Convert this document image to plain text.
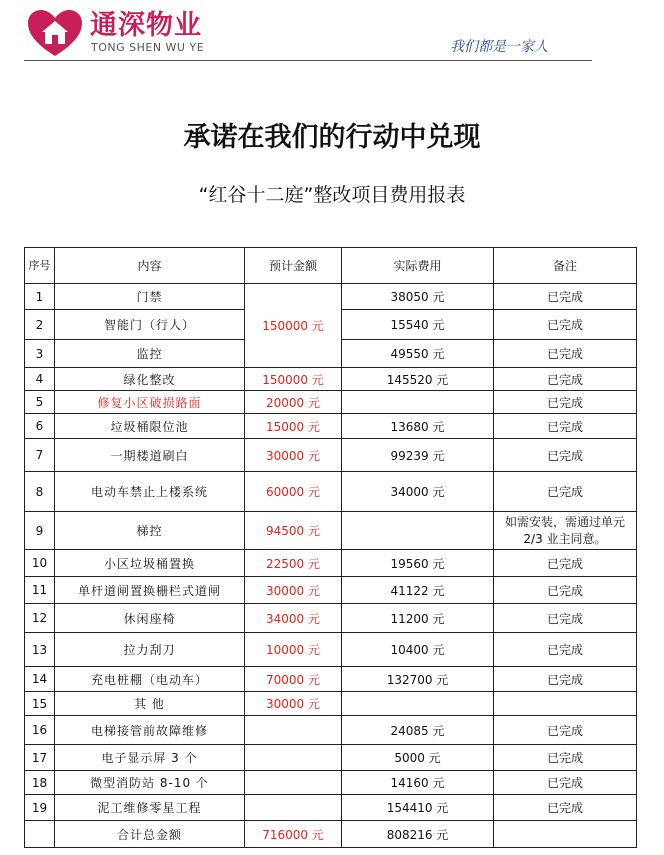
通深物业
TONG SHEN WU YE	我们都是一家人
承诺在我们的行动中兑现
“红谷十二庭”整改项目费用报表
序号	内容	预计金额	实际费用	备注
1	门禁	150000 元	38050 元	已完成
2	智能门（行人）		15540 元	已完成
3	监控		49550 元	已完成
4	绿化整改	150000 元	145520 元	已完成
5	修复小区破损路面	20000 元		已完成
6	垃圾桶限位池	15000 元	13680 元	已完成
7	一期楼道刷白	30000 元	99239 元	已完成
8	电动车禁止上楼系统	60000 元	34000 元	已完成
9	梯控	94500 元		如需安装，需通过单元 2/3 业主同意。
10	小区垃圾桶置换	22500 元	19560 元	已完成
11	单杆道闸置换栅栏式道闸	30000 元	41122 元	已完成
12	休闲座椅	34000 元	11200 元	已完成
13	拉力刮刀	10000 元	10400 元	已完成
14	充电桩棚（电动车）	70000 元	132700 元	已完成
15	其 他	30000 元		
16	电梯接管前故障维修		24085 元	已完成
17	电子显示屏 3 个		5000 元	已完成
18	微型消防站 8-10 个		14160 元	已完成
19	泥工维修零星工程		154410 元	已完成
	合计总金额	716000 元	808216 元	
